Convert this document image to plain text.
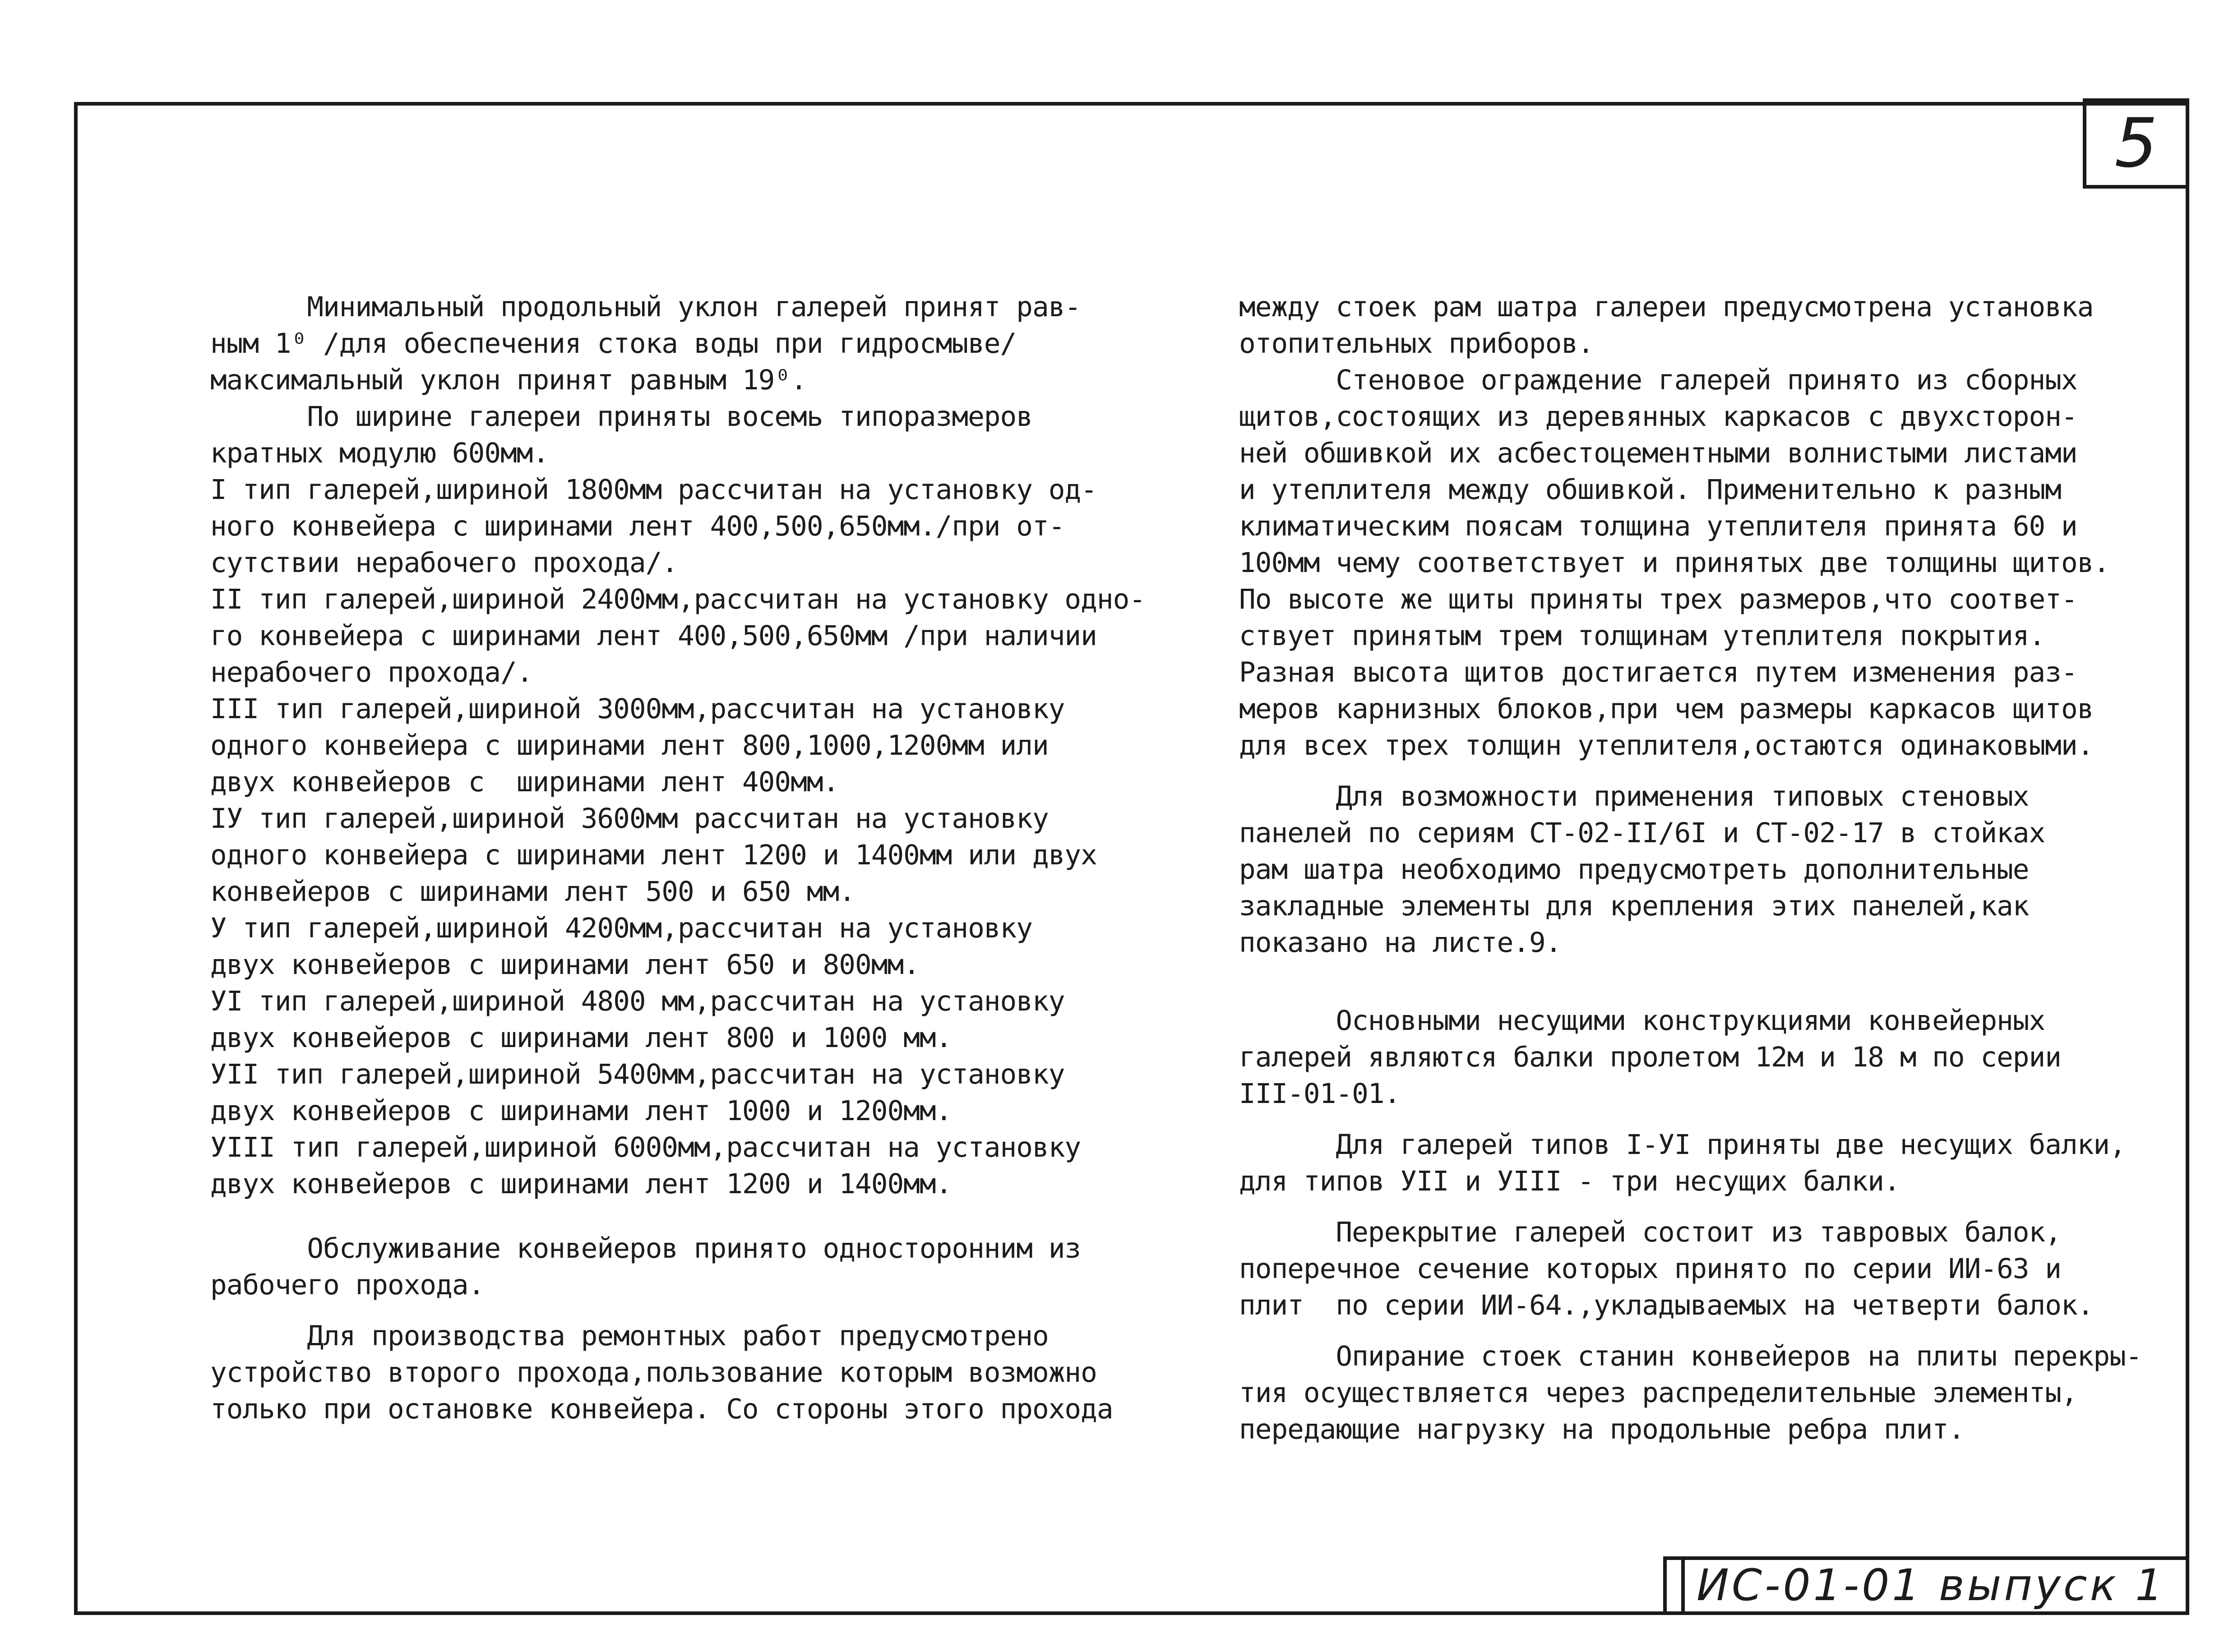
5
ИС-01-01 выпуск 1

Минимальный продольный уклон галерей принят рав-

ным 1⁰ /для обеспечения стока воды при гидросмыве/

максимальный уклон принят равным 19⁰.

По ширине галереи приняты восемь типоразмеров

кратных модулю 600мм.

I тип галерей,шириной 1800мм рассчитан на установку од-

ного конвейера с ширинами лент 400,500,650мм./при от-

сутствии нерабочего прохода/.

II тип галерей,шириной 2400мм,рассчитан на установку одно-

го конвейера с ширинами лент 400,500,650мм /при наличии

нерабочего прохода/.

III тип галерей,шириной 3000мм,рассчитан на установку

одного конвейера с ширинами лент 800,1000,1200мм или

двух конвейеров с  ширинами лент 400мм.

IУ тип галерей,шириной 3600мм рассчитан на установку

одного конвейера с ширинами лент 1200 и 1400мм или двух

конвейеров с ширинами лент 500 и 650 мм.

У тип галерей,шириной 4200мм,рассчитан на установку

двух конвейеров с ширинами лент 650 и 800мм.

УI тип галерей,шириной 4800 мм,рассчитан на установку

двух конвейеров с ширинами лент 800 и 1000 мм.

УII тип галерей,шириной 5400мм,рассчитан на установку

двух конвейеров с ширинами лент 1000 и 1200мм.

УIII тип галерей,шириной 6000мм,рассчитан на установку

двух конвейеров с ширинами лент 1200 и 1400мм.

Обслуживание конвейеров принято односторонним из

рабочего прохода.

Для производства ремонтных работ предусмотрено

устройство второго прохода,пользование которым возможно

только при остановке конвейера. Со стороны этого прохода

между стоек рам шатра галереи предусмотрена установка

отопительных приборов.

Стеновое ограждение галерей принято из сборных

щитов,состоящих из деревянных каркасов с двухсторон-

ней обшивкой их асбестоцементными волнистыми листами

и утеплителя между обшивкой. Применительно к разным

климатическим поясам толщина утеплителя принята 60 и

100мм чему соответствует и принятых две толщины щитов.

По высоте же щиты приняты трех размеров,что соответ-

ствует принятым трем толщинам утеплителя покрытия.

Разная высота щитов достигается путем изменения раз-

меров карнизных блоков,при чем размеры каркасов щитов

для всех трех толщин утеплителя,остаются одинаковыми.

Для возможности применения типовых стеновых

панелей по сериям СТ-02-II/6I и СТ-02-17 в стойках

рам шатра необходимо предусмотреть дополнительные

закладные элементы для крепления этих панелей,как

показано на листе.9.

Основными несущими конструкциями конвейерных

галерей являются балки пролетом 12м и 18 м по серии

III-01-01.

Для галерей типов I-УI приняты две несущих балки,

для типов УII и УIII - три несущих балки.

Перекрытие галерей состоит из тавровых балок,

поперечное сечение которых принято по серии ИИ-63 и

плит  по серии ИИ-64.,укладываемых на четверти балок.

Опирание стоек станин конвейеров на плиты перекры-

тия осуществляется через распределительные элементы,

передающие нагрузку на продольные ребра плит.
